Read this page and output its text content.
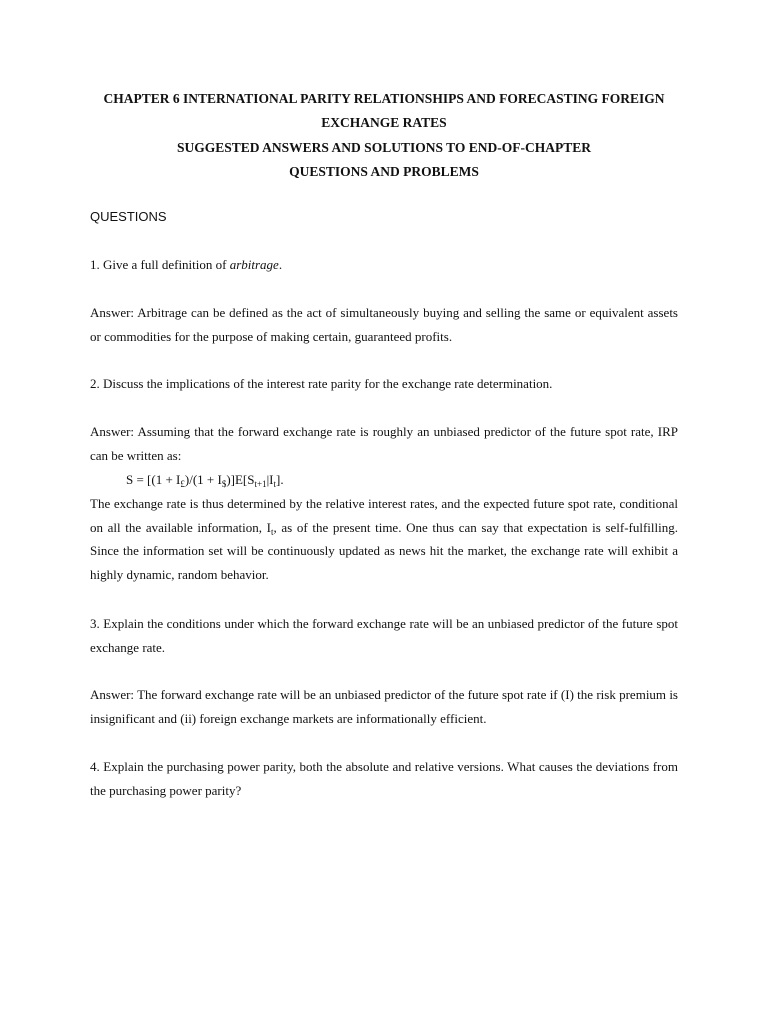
CHAPTER 6 INTERNATIONAL PARITY RELATIONSHIPS AND FORECASTING FOREIGN
EXCHANGE RATES
SUGGESTED ANSWERS AND SOLUTIONS TO END-OF-CHAPTER
QUESTIONS AND PROBLEMS
QUESTIONS
1. Give a full definition of arbitrage.
Answer: Arbitrage can be defined as the act of simultaneously buying and selling the same or equivalent assets or commodities for the purpose of making certain, guaranteed profits.
2. Discuss the implications of the interest rate parity for the exchange rate determination.
Answer: Assuming that the forward exchange rate is roughly an unbiased predictor of the future spot rate, IRP can be written as:
$S = [(1 + I_£)/(1 + I_{\$})]E[S_{t+1}|I_t]$.
The exchange rate is thus determined by the relative interest rates, and the expected future spot rate, conditional on all the available information, $I_t$, as of the present time. One thus can say that expectation is self-fulfilling. Since the information set will be continuously updated as news hit the market, the exchange rate will exhibit a highly dynamic, random behavior.
3. Explain the conditions under which the forward exchange rate will be an unbiased predictor of the future spot exchange rate.
Answer: The forward exchange rate will be an unbiased predictor of the future spot rate if (I) the risk premium is insignificant and (ii) foreign exchange markets are informationally efficient.
4. Explain the purchasing power parity, both the absolute and relative versions. What causes the deviations from the purchasing power parity?
